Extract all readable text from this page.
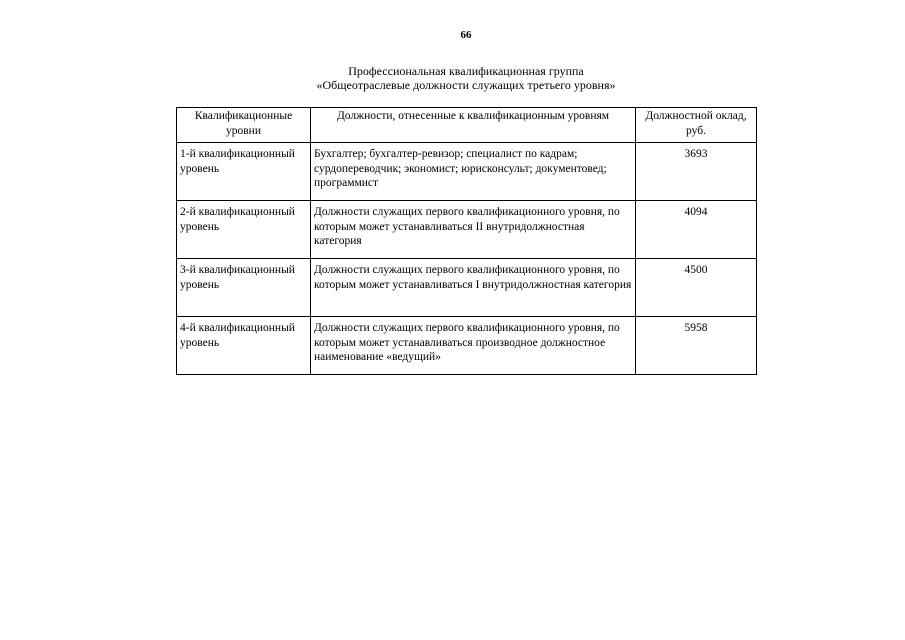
66
Профессиональная квалификационная группа
«Общеотраслевые должности служащих третьего уровня»
Квалификационные уровни	Должности, отнесенные к квалификационным уровням	Должностной оклад, руб.
1-й квалификационный уровень	Бухгалтер; бухгалтер-ревизор; специалист по кадрам; сурдопереводчик; экономист; юрисконсульт; документовед; программист	3693
2-й квалификационный уровень	Должности служащих первого квалификационного уровня, по которым может устанавливаться II внутридолжностная категория	4094
3-й квалификационный уровень	Должности служащих первого квалификационного уровня, по которым может устанавливаться I внутридолжностная категория	4500
4-й квалификационный уровень	Должности служащих первого квалификационного уровня, по которым может устанавливаться производное должностное наименование «ведущий»	5958
